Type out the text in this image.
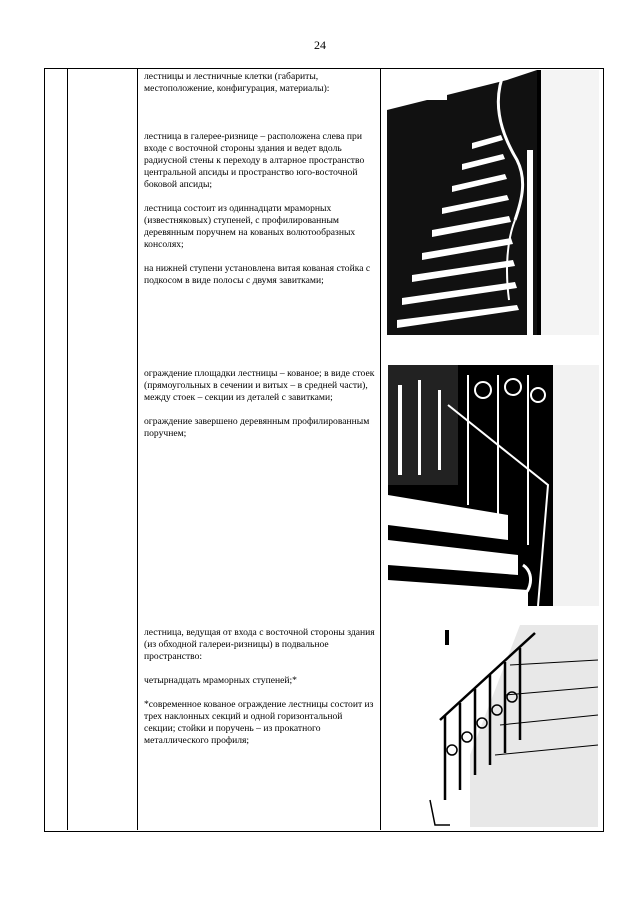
24

лестницы и лестничные клетки (габариты, местоположение, конфигурация, материалы):

лестница в галерее-ризнице – расположена слева при входе с восточной стороны здания и ведет вдоль радиусной стены к переходу в алтарное пространство центральной апсиды и пространство юго-восточной боковой апсиды;

лестница состоит из одиннадцати мраморных (известняковых) ступеней, с профилированным деревянным поручнем на кованых волютообразных консолях;

на нижней ступени установлена витая кованая стойка с подкосом в виде полосы с двумя завитками;

ограждение площадки лестницы – кованое; в виде стоек (прямоугольных в сечении и витых – в средней части), между стоек – секции из деталей с завитками;

ограждение завершено деревянным профилированным поручнем;

лестница, ведущая от входа с восточной стороны здания (из обходной галереи-ризницы) в подвальное пространство:

четырнадцать мраморных ступеней;*

*современное кованое ограждение лестницы состоит из трех наклонных секций и одной горизонтальной секции; стойки и поручень – из прокатного металлического профиля;
